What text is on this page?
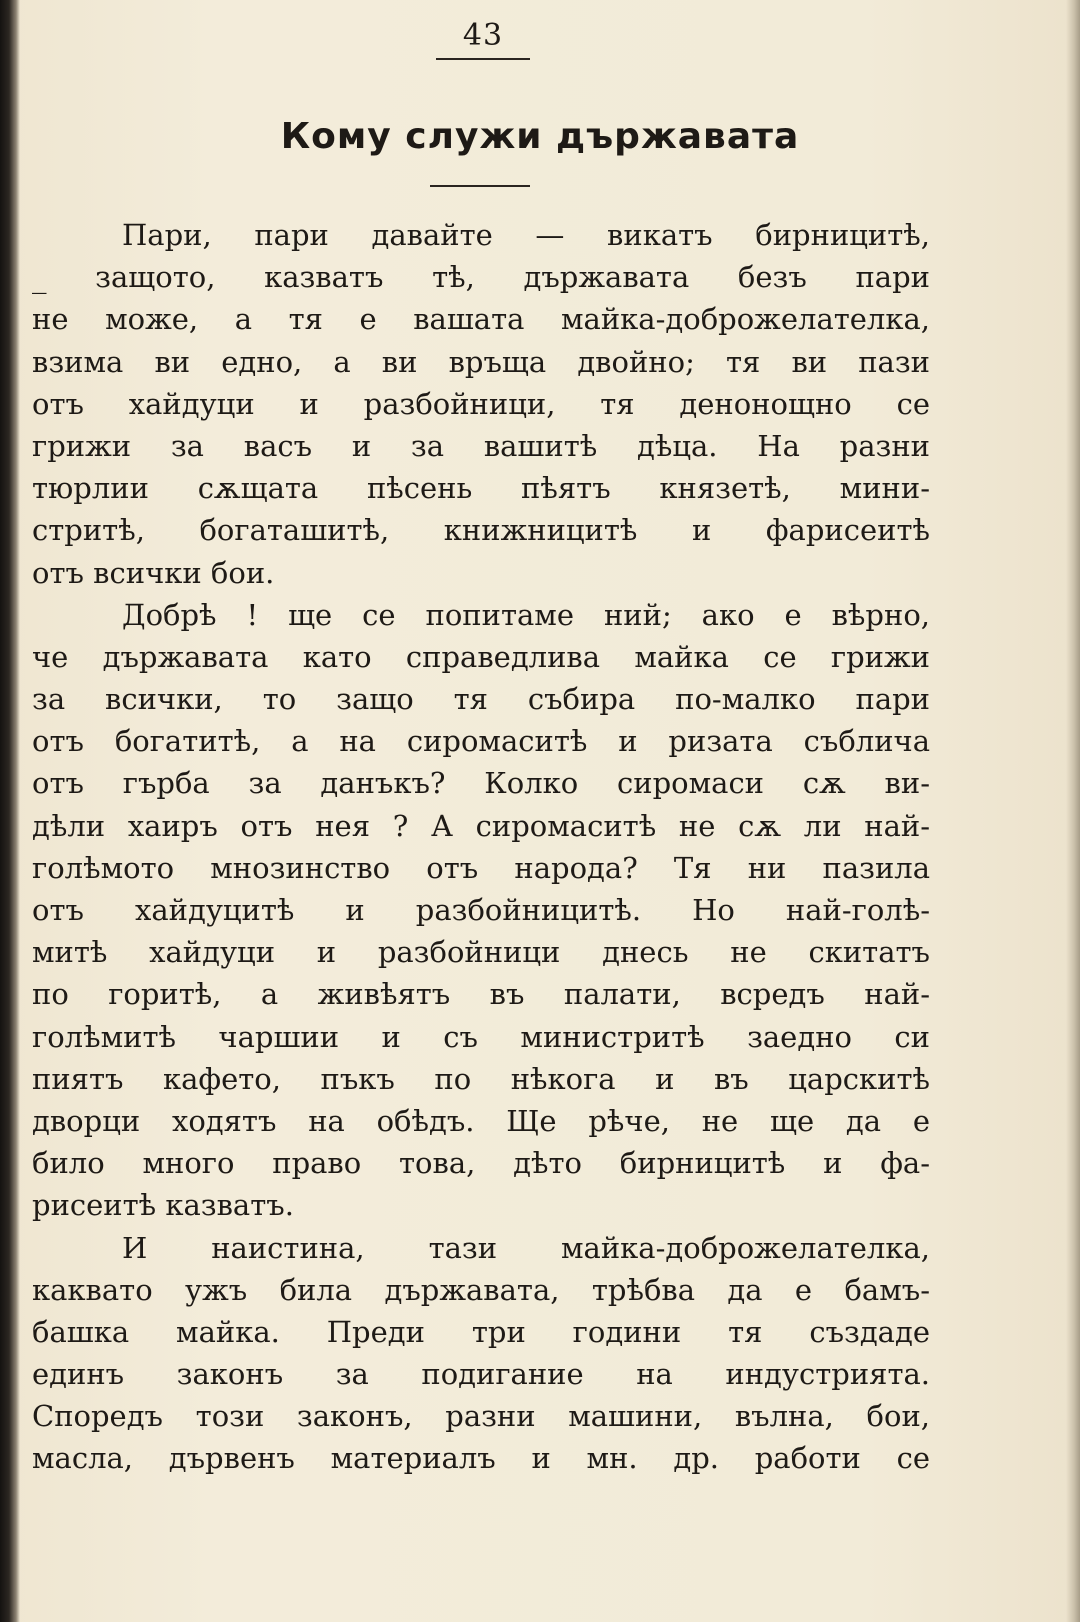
43
Кому служи държавата
Пари, пари давайте — викатъ бирницитѣ,
_ защото, казватъ тѣ, държавата безъ пари
не може, а тя е вашата майка-доброжелателка,
взима ви едно, а ви връща двойно; тя ви пази
отъ хайдуци и разбойници, тя денонощно се
грижи за васъ и за вашитѣ дѣца. На разни
тюрлии сѫщата пѣсень пѣятъ князетѣ, мини-
стритѣ, богаташитѣ, книжницитѣ и фарисеитѣ
отъ всички бои.
Добрѣ ! ще се попитаме ний; ако е вѣрно,
че държавата като справедлива майка се грижи
за всички, то защо тя събира по-малко пари
отъ богатитѣ, а на сиромаситѣ и ризата съблича
отъ гърба за данъкъ? Колко сиромаси сѫ ви-
дѣли хаиръ отъ нея ? А сиромаситѣ не сѫ ли най-
голѣмото мнозинство отъ народа? Тя ни пазила
отъ хайдуцитѣ и разбойницитѣ. Но най-голѣ-
митѣ хайдуци и разбойници днесь не скитатъ
по горитѣ, а живѣятъ въ палати, всредъ най-
голѣмитѣ чаршии и съ министритѣ заедно си
пиятъ кафето, пъкъ по нѣкога и въ царскитѣ
дворци ходятъ на обѣдъ. Ще рѣче, не ще да е
било много право това, дѣто бирницитѣ и фа-
рисеитѣ казватъ.
И наистина, тази майка-доброжелателка,
каквато ужъ била държавата, трѣбва да е бамъ-
башка майка. Преди три години тя създаде
единъ законъ за подигание на индустрията.
Споредъ този законъ, разни машини, вълна, бои,
масла, дървенъ материалъ и мн. др. работи се
